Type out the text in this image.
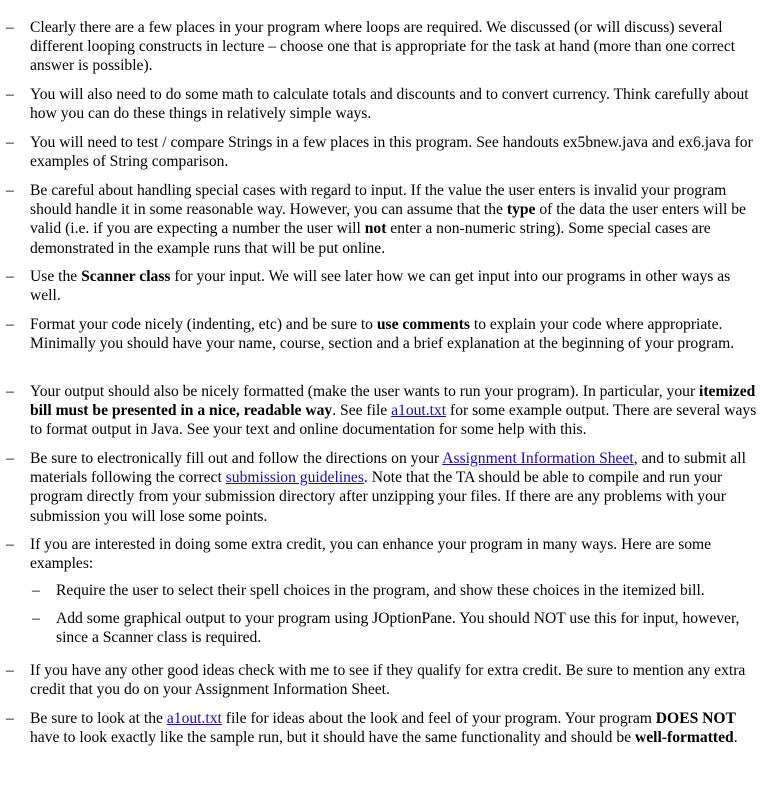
– Clearly there are a few places in your program where loops are required. We discussed (or will discuss) several different looping constructs in lecture – choose one that is appropriate for the task at hand (more than one correct answer is possible).
– You will also need to do some math to calculate totals and discounts and to convert currency. Think carefully about how you can do these things in relatively simple ways.
– You will need to test / compare Strings in a few places in this program. See handouts ex5bnew.java and ex6.java for examples of String comparison.
– Be careful about handling special cases with regard to input. If the value the user enters is invalid your program should handle it in some reasonable way. However, you can assume that the type of the data the user enters will be valid (i.e. if you are expecting a number the user will not enter a non-numeric string). Some special cases are demonstrated in the example runs that will be put online.
– Use the Scanner class for your input. We will see later how we can get input into our programs in other ways as well.
– Format your code nicely (indenting, etc) and be sure to use comments to explain your code where appropriate. Minimally you should have your name, course, section and a brief explanation at the beginning of your program.
– Your output should also be nicely formatted (make the user wants to run your program). In particular, your itemized bill must be presented in a nice, readable way. See file a1out.txt for some example output. There are several ways to format output in Java. See your text and online documentation for some help with this.
– Be sure to electronically fill out and follow the directions on your Assignment Information Sheet, and to submit all materials following the correct submission guidelines. Note that the TA should be able to compile and run your program directly from your submission directory after unzipping your files. If there are any problems with your submission you will lose some points.
– If you are interested in doing some extra credit, you can enhance your program in many ways. Here are some examples:
– Require the user to select their spell choices in the program, and show these choices in the itemized bill.
– Add some graphical output to your program using JOptionPane. You should NOT use this for input, however, since a Scanner class is required.
– If you have any other good ideas check with me to see if they qualify for extra credit. Be sure to mention any extra credit that you do on your Assignment Information Sheet.
– Be sure to look at the a1out.txt file for ideas about the look and feel of your program. Your program DOES NOT have to look exactly like the sample run, but it should have the same functionality and should be well-formatted.
